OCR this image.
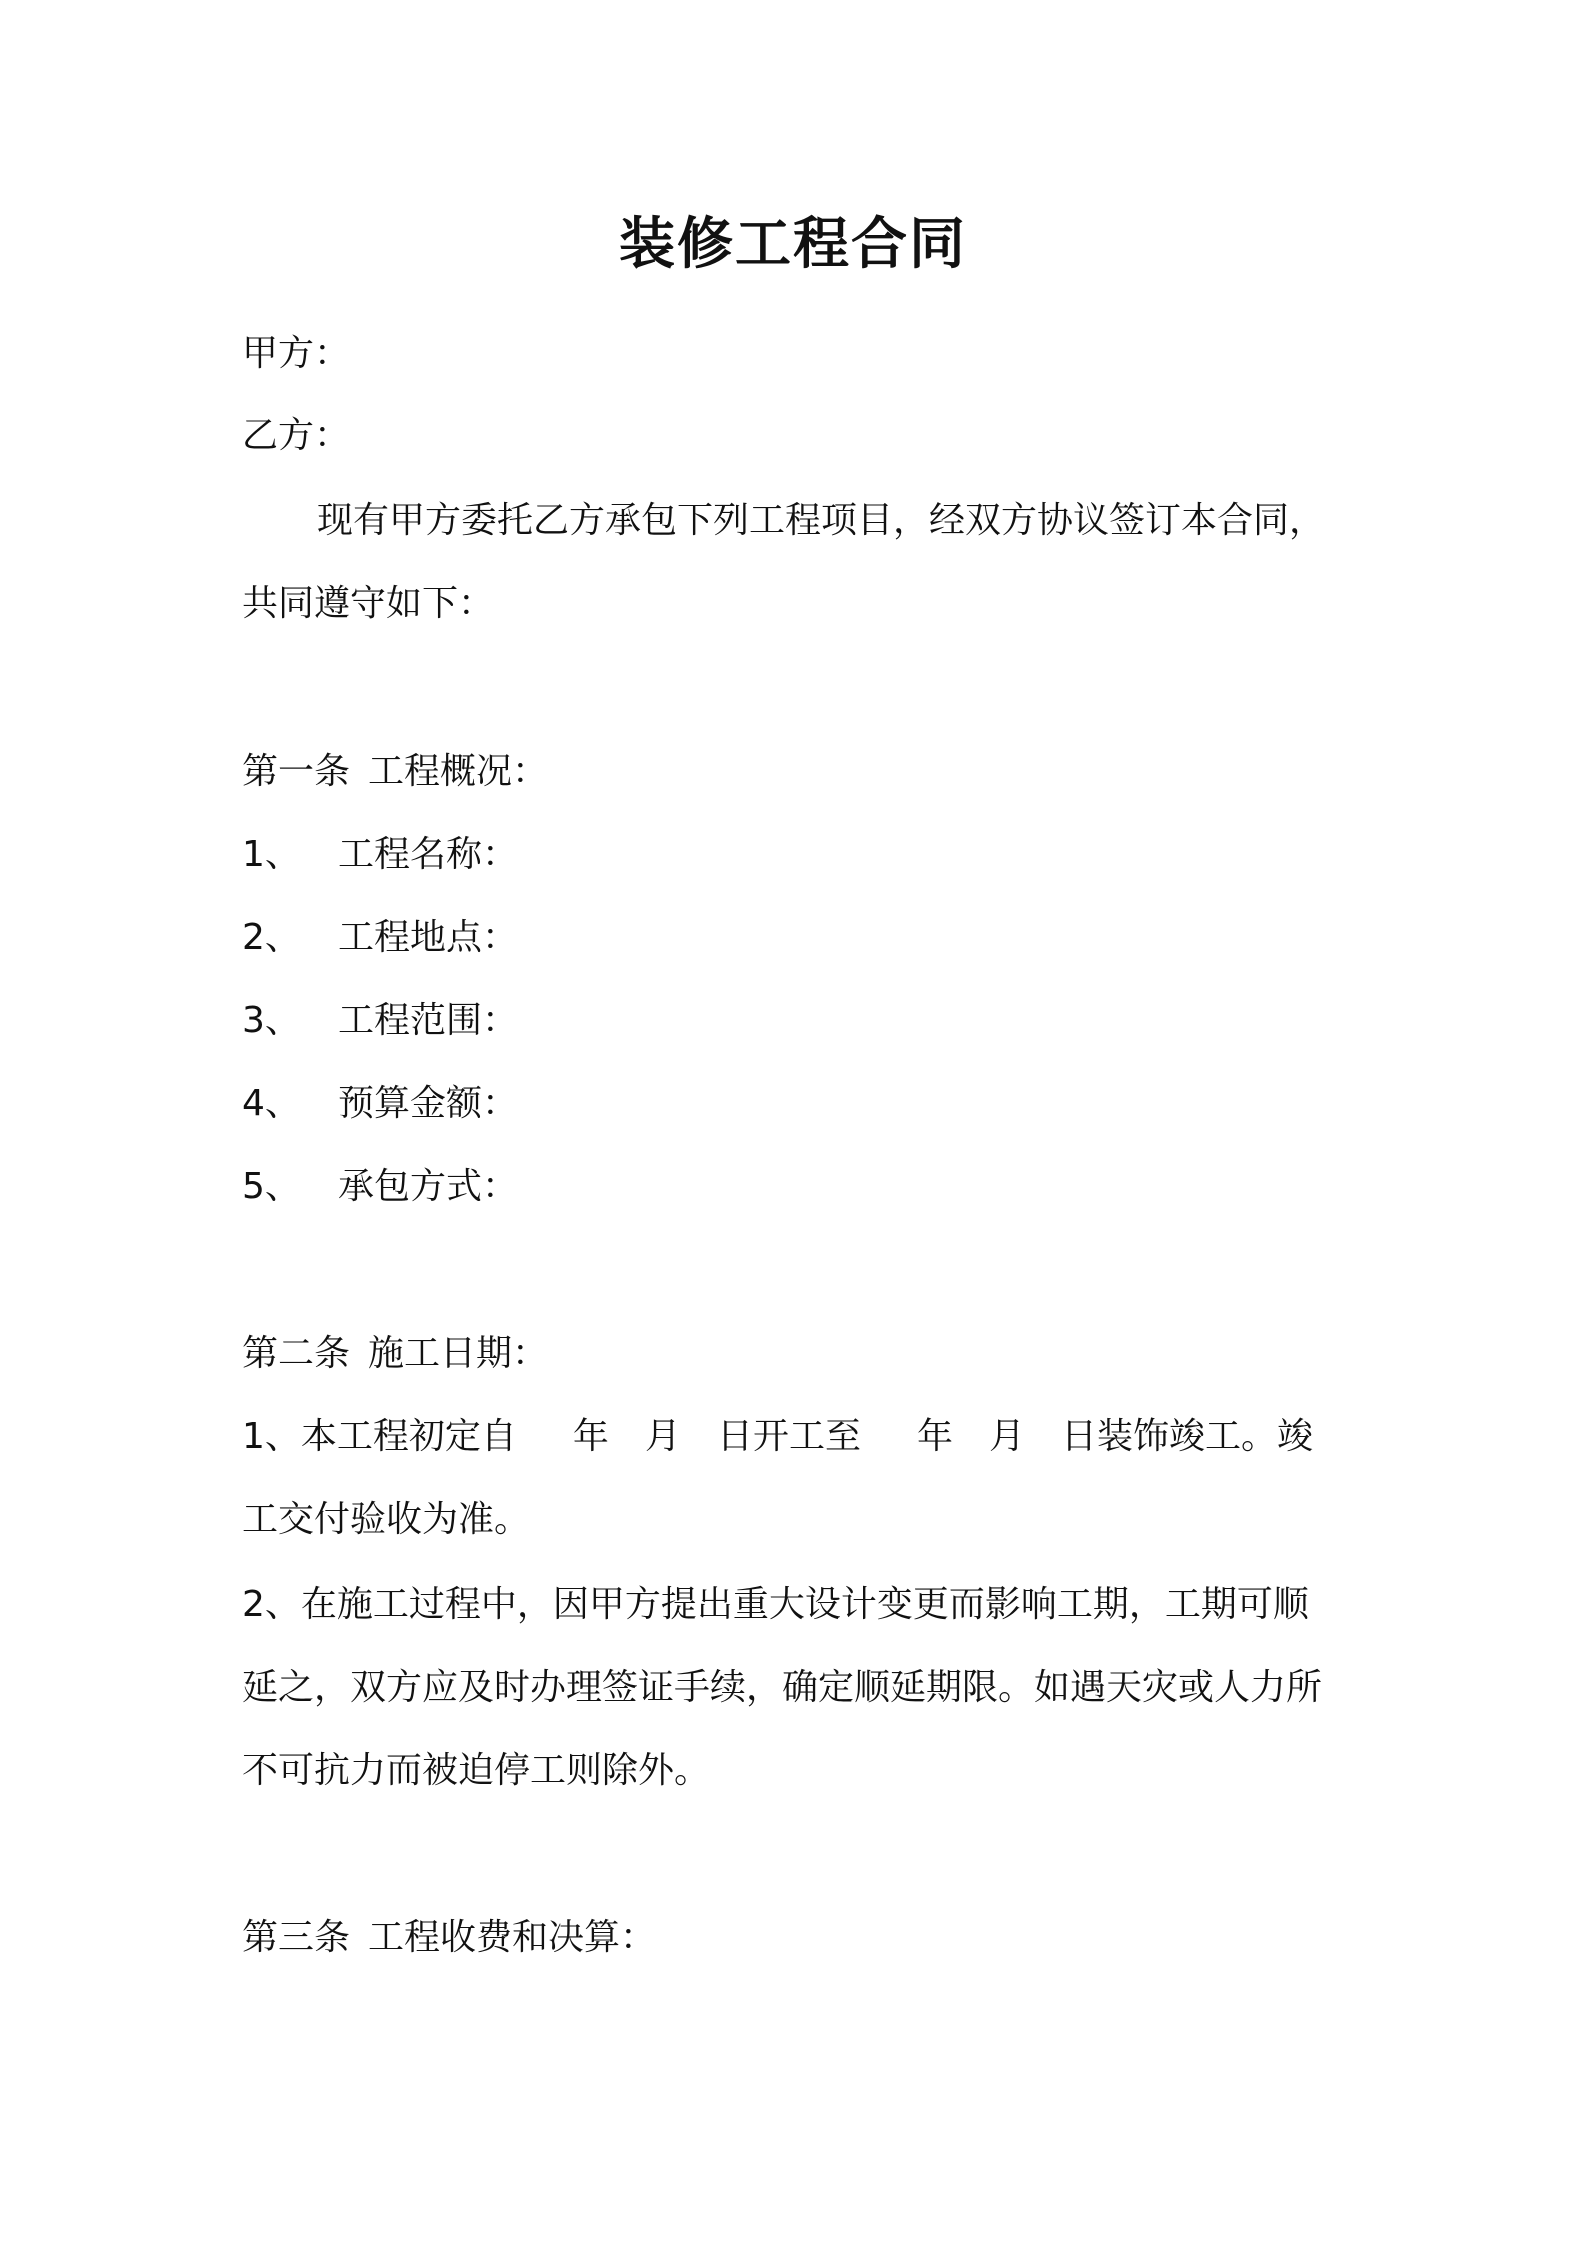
装修工程合同
甲方：
乙方：
现有甲方委托乙方承包下列工程项目，经双方协议签订本合同，
共同遵守如下：
第一条 工程概况：
1、 工程名称：
2、 工程地点：
3、 工程范围：
4、 预算金额：
5、 承包方式：
第二条 施工日期：
1、本工程初定自 年 月 日开工至 年 月 日装饰竣工。竣
工交付验收为准。
2、在施工过程中，因甲方提出重大设计变更而影响工期，工期可顺
延之，双方应及时办理签证手续，确定顺延期限。如遇天灾或人力所
不可抗力而被迫停工则除外。
第三条 工程收费和决算：
